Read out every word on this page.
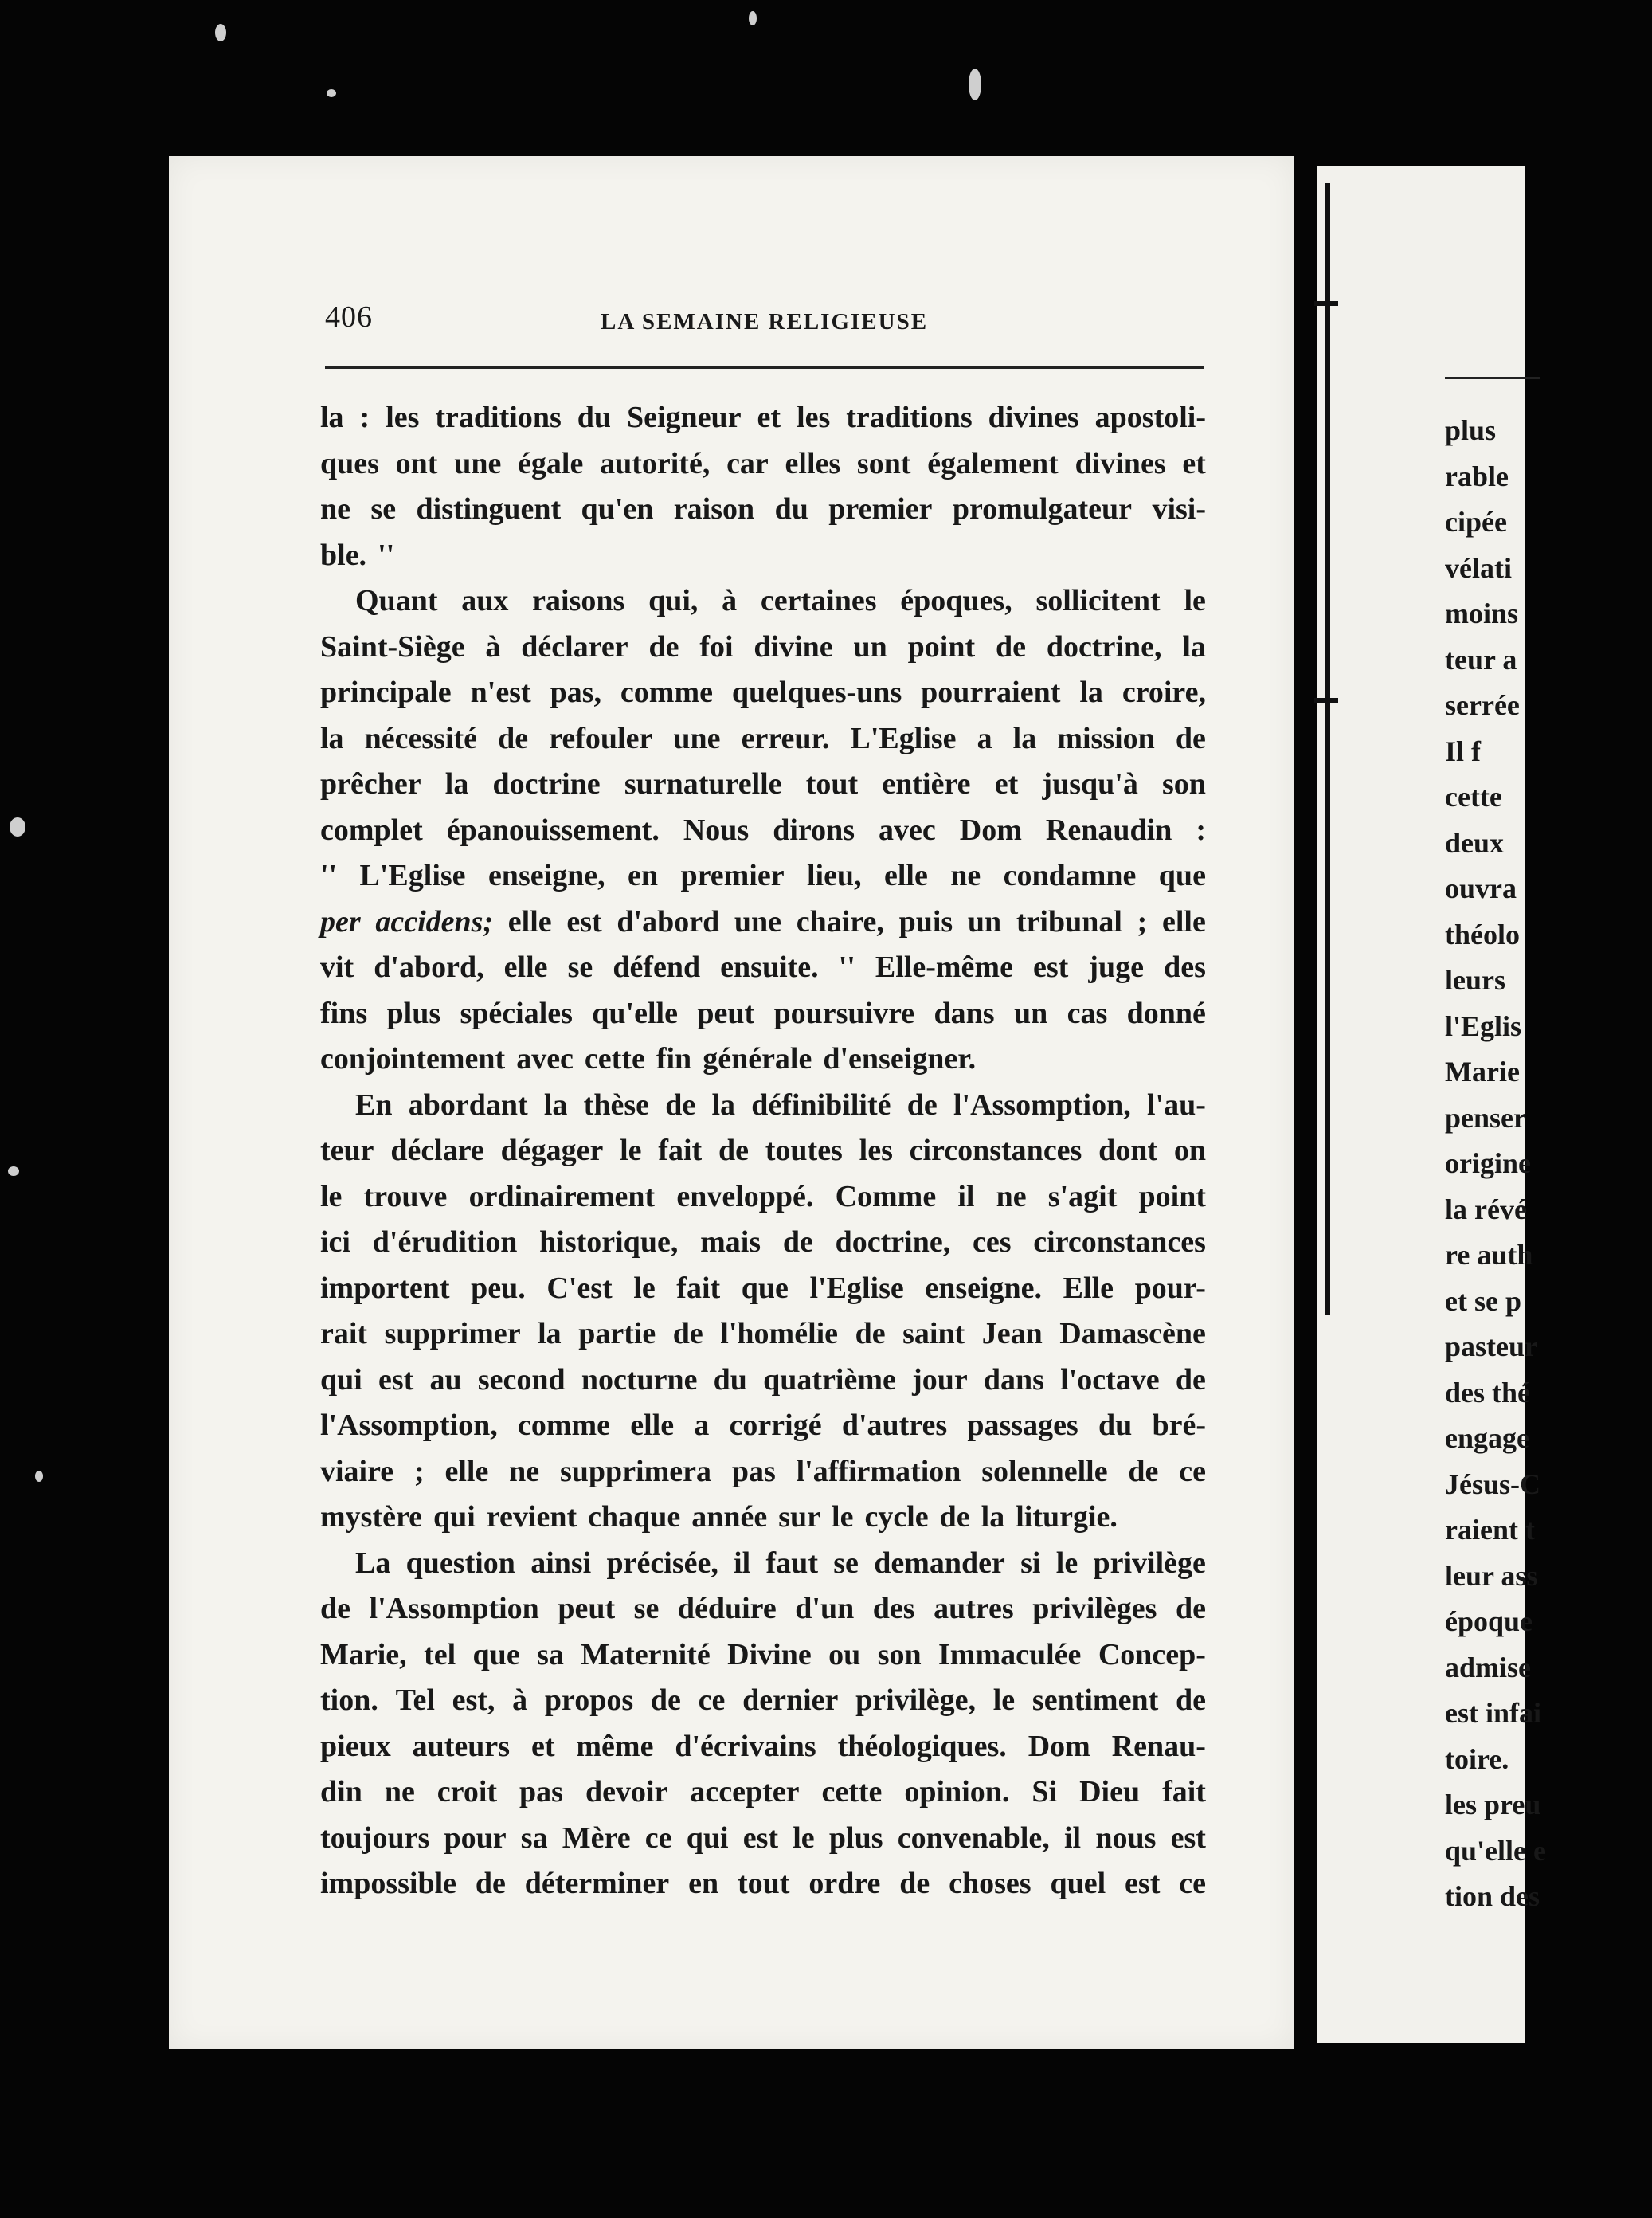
406	LA SEMAINE RELIGIEUSE
la : les traditions du Seigneur et les traditions divines apostoli-
ques ont une égale autorité, car elles sont également divines et
ne se distinguent qu'en raison du premier promulgateur visi-
ble. ''
Quant aux raisons qui, à certaines époques, sollicitent le
Saint-Siège à déclarer de foi divine un point de doctrine, la
principale n'est pas, comme quelques-uns pourraient la croire,
la nécessité de refouler une erreur. L'Eglise a la mission de
prêcher la doctrine surnaturelle tout entière et jusqu'à son
complet épanouissement. Nous dirons avec Dom Renaudin :
'' L'Eglise enseigne, en premier lieu, elle ne condamne que
per accidens; elle est d'abord une chaire, puis un tribunal ; elle
vit d'abord, elle se défend ensuite. '' Elle-même est juge des
fins plus spéciales qu'elle peut poursuivre dans un cas donné
conjointement avec cette fin générale d'enseigner.
En abordant la thèse de la définibilité de l'Assomption, l'au-
teur déclare dégager le fait de toutes les circonstances dont on
le trouve ordinairement enveloppé. Comme il ne s'agit point
ici d'érudition historique, mais de doctrine, ces circonstances
importent peu. C'est le fait que l'Eglise enseigne. Elle pour-
rait supprimer la partie de l'homélie de saint Jean Damascène
qui est au second nocturne du quatrième jour dans l'octave de
l'Assomption, comme elle a corrigé d'autres passages du bré-
viaire ; elle ne supprimera pas l'affirmation solennelle de ce
mystère qui revient chaque année sur le cycle de la liturgie.
La question ainsi précisée, il faut se demander si le privilège
de l'Assomption peut se déduire d'un des autres privilèges de
Marie, tel que sa Maternité Divine ou son Immaculée Concep-
tion. Tel est, à propos de ce dernier privilège, le sentiment de
pieux auteurs et même d'écrivains théologiques. Dom Renau-
din ne croit pas devoir accepter cette opinion. Si Dieu fait
toujours pour sa Mère ce qui est le plus convenable, il nous est
impossible de déterminer en tout ordre de choses quel est ce
plus
rable
cipée
vélati
moins
teur a
serrée
Il f
cette
deux
ouvra
théolo
leurs
l'Eglis
Marie
penser
origine
la révé
re auth
et se p
pasteur
des thé
engage
Jésus-C
raient t
leur ass
époque
admise
est infai
toire.
les preu
qu'elle e
tion des
